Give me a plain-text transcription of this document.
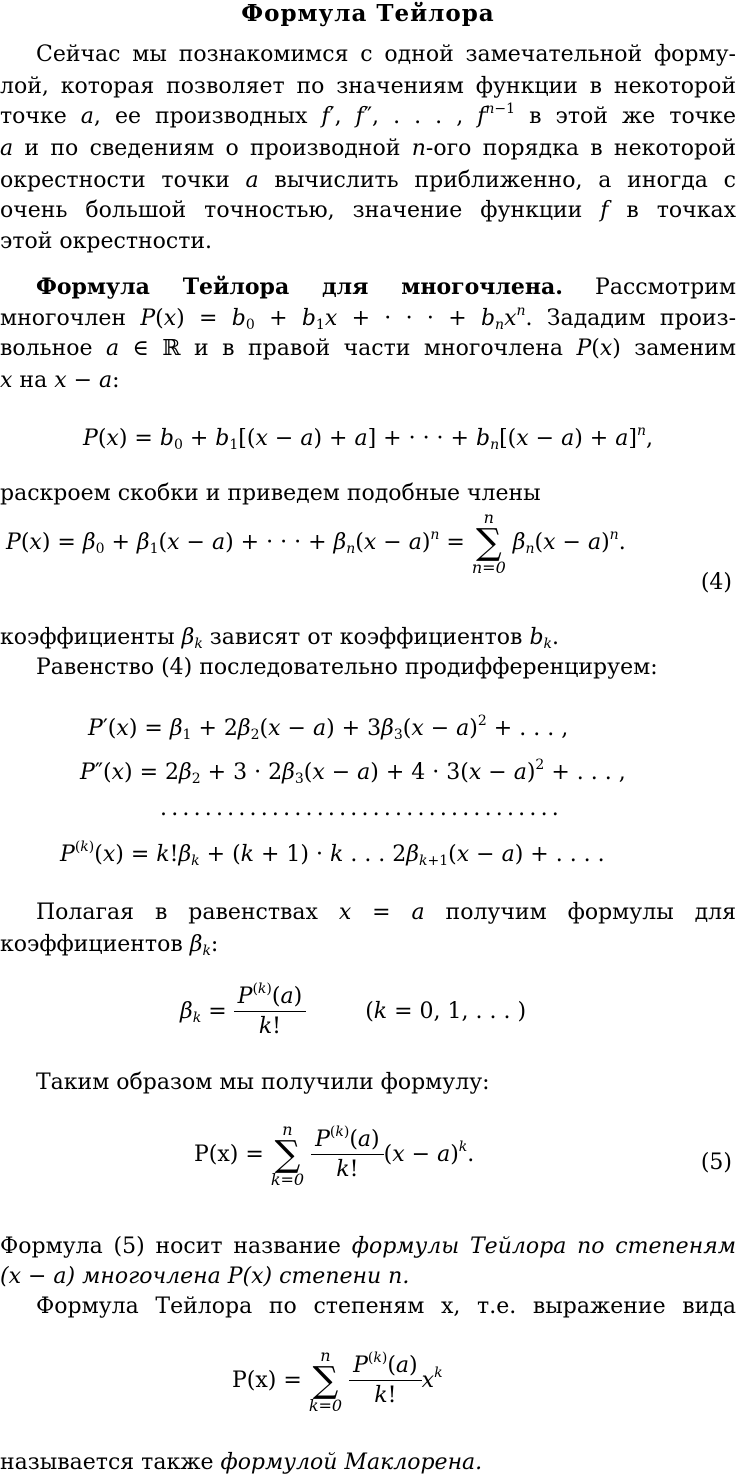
Формула Тейлора
Сейчас мы познакомимся с одной замечательной форму-
лой, которая позволяет по значениям функции в некоторой
точке a, ее производных f′, f″, . . . , $f^{n-1}$ в этой же точке
a и по сведениям о производной n-ого порядка в некоторой
окрестности точки a вычислить приближенно, а иногда с
очень большой точностью, значение функции f в точках
этой окрестности.
Формула Тейлора для многочлена. Рассмотрим
многочлен $P(x) = b_0 + b_1x$ + · · · + $b_nx^n$. Зададим произ-
вольное a ∈ ℝ и в правой части многочлена P(x) заменим
x на x − a:
$P(x) = b_0 + b_1[(x - a) + a]$ + · · · + $b_n[(x - a) + a]^n$,
раскроем скобки и приведем подобные члены
$P(x) = \beta_0 + \beta_1(x - a)$ + · · · + $\beta_n(x - a)^n$ =
n
∑
n=0
$\beta_n(x - a)^n$.
(4)
коэффициенты $\beta_k$ зависят от коэффициентов $b_k$.
Равенство (4) последовательно продифференцируем:
$P'(x) = \beta_1 + 2\beta_2(x - a) + 3\beta_3(x - a)^2$ + . . . ,
$P''(x) = 2\beta_2 + 3 \cdot 2\beta_3(x - a) + 4 \cdot 3(x - a)^2$ + . . . ,
....................................
$P^{(k)}(x) = k!\beta_k + (k + 1) \cdot k$ . . . $2\beta_{k+1}(x - a)$ + . . . .
Полагая в равенствах x = a получим формулы для
коэффициентов $\beta_k$:
$\beta_k = \frac{P^{(k)}(a)}{k!}$	(k = 0, 1, . . . )
Таким образом мы получили формулу:
P(x) =
n
∑
k=0
$\frac{P^{(k)}(a)}{k!} (x - a)^k$.	(5)
Формула (5) носит название формулы Тейлора по степеням
(x − a) многочлена P(x) степени n.
Формула Тейлора по степеням x, т.е. выражение вида
P(x) =
n
∑
k=0
$\frac{P^{(k)}(a)}{k!} x^k$
называется также формулой Маклорена.
